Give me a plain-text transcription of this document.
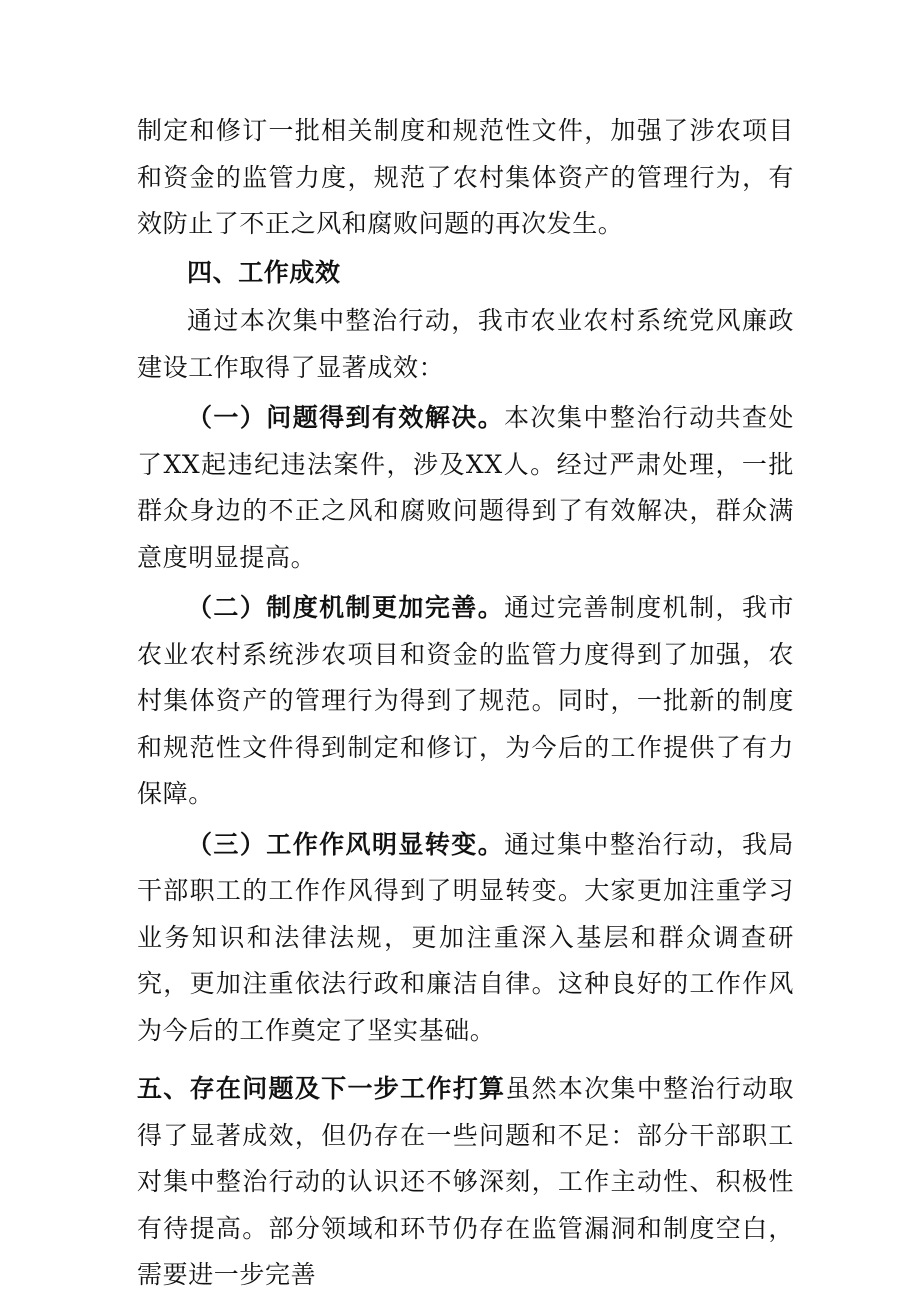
制定和修订一批相关制度和规范性文件，加强了涉农项目和资金的监管力度，规范了农村集体资产的管理行为，有效防止了不正之风和腐败问题的再次发生。

四、工作成效

通过本次集中整治行动，我市农业农村系统党风廉政建设工作取得了显著成效：

（一）问题得到有效解决。本次集中整治行动共查处了XX起违纪违法案件，涉及XX人。经过严肃处理，一批群众身边的不正之风和腐败问题得到了有效解决，群众满意度明显提高。

（二）制度机制更加完善。通过完善制度机制，我市农业农村系统涉农项目和资金的监管力度得到了加强，农村集体资产的管理行为得到了规范。同时，一批新的制度和规范性文件得到制定和修订，为今后的工作提供了有力保障。

（三）工作作风明显转变。通过集中整治行动，我局干部职工的工作作风得到了明显转变。大家更加注重学习业务知识和法律法规，更加注重深入基层和群众调查研究，更加注重依法行政和廉洁自律。这种良好的工作作风为今后的工作奠定了坚实基础。

五、存在问题及下一步工作打算虽然本次集中整治行动取得了显著成效，但仍存在一些问题和不足：部分干部职工对集中整治行动的认识还不够深刻，工作主动性、积极性有待提高。部分领域和环节仍存在监管漏洞和制度空白，需要进一步完善
